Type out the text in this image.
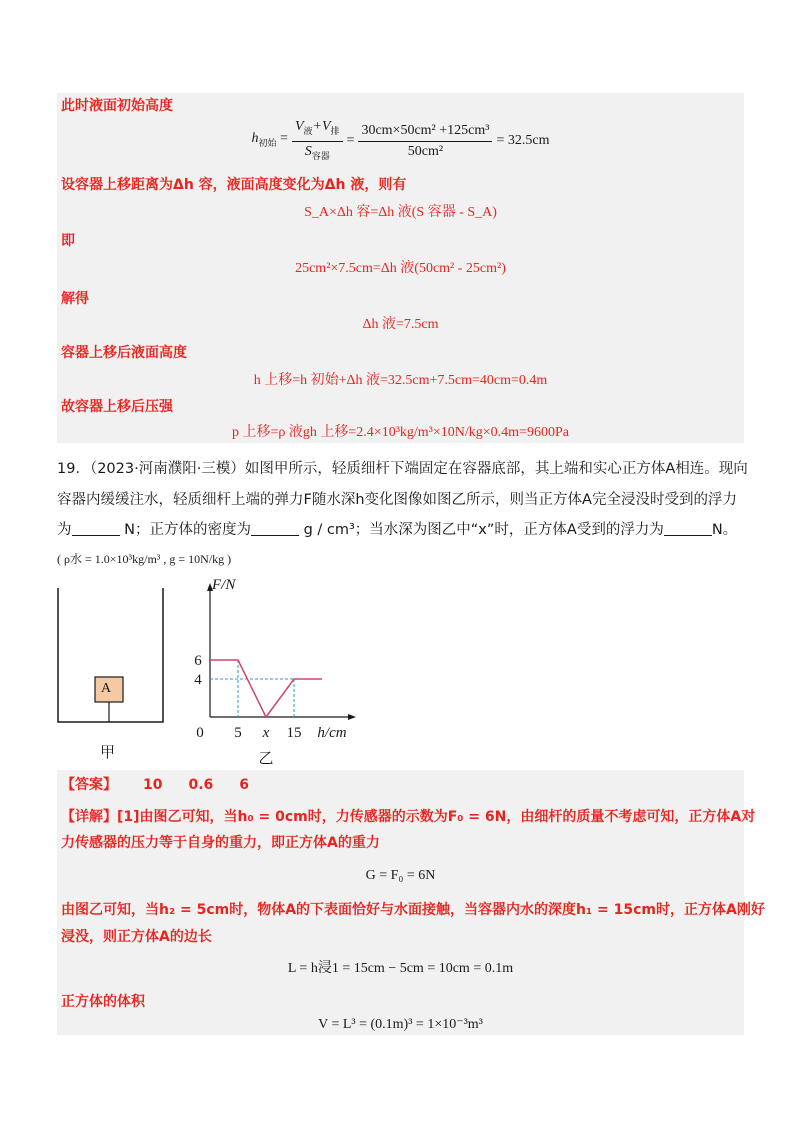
此时液面初始高度
$h_{初始} = \frac{V_液+V_排}{S_{容器}} = \frac{\text{30cm×50cm² +125cm³}}{\text{50cm²}} = 32.5cm$
设容器上移距离为Δh 容，液面高度变化为Δh 液，则有
S_A×Δh 容=Δh 液(S 容器 - S_A)
即
25cm²×7.5cm=Δh 液(50cm² - 25cm²)
解得
Δh 液=7.5cm
容器上移后液面高度
h 上移=h 初始+Δh 液=32.5cm+7.5cm=40cm=0.4m
故容器上移后压强
p 上移=ρ 液gh 上移=2.4×10³kg/m³×10N/kg×0.4m=9600Pa
19．（2023·河南濮阳·三模）如图甲所示，轻质细杆下端固定在容器底部，其上端和实心正方体A相连。现向
容器内缓缓注水，轻质细杆上端的弹力F随水深h变化图像如图乙所示，则当正方体A完全浸没时受到的浮力
为	N；正方体的密度为	g / cm³；当水深为图乙中“x”时，正方体A受到的浮力为	N。
( ρ水 = 1.0×10³kg/m³ , g = 10N/kg )
A
甲
6
4
0 5 x 15
F/N
h/cm
乙
【答案】 10 0.6 6
【详解】[1]由图乙可知，当h₀ = 0cm时，力传感器的示数为F₀ = 6N，由细杆的质量不考虑可知，正方体A对
力传感器的压力等于自身的重力，即正方体A的重力
G = F₀ = 6N
由图乙可知，当h₂ = 5cm时，物体A的下表面恰好与水面接触，当容器内水的深度h₁ = 15cm时，正方体A刚好
浸没，则正方体A的边长
L = h浸1 = 15cm − 5cm = 10cm = 0.1m
正方体的体积
V = L³ = (0.1m)³ = 1×10⁻³m³
